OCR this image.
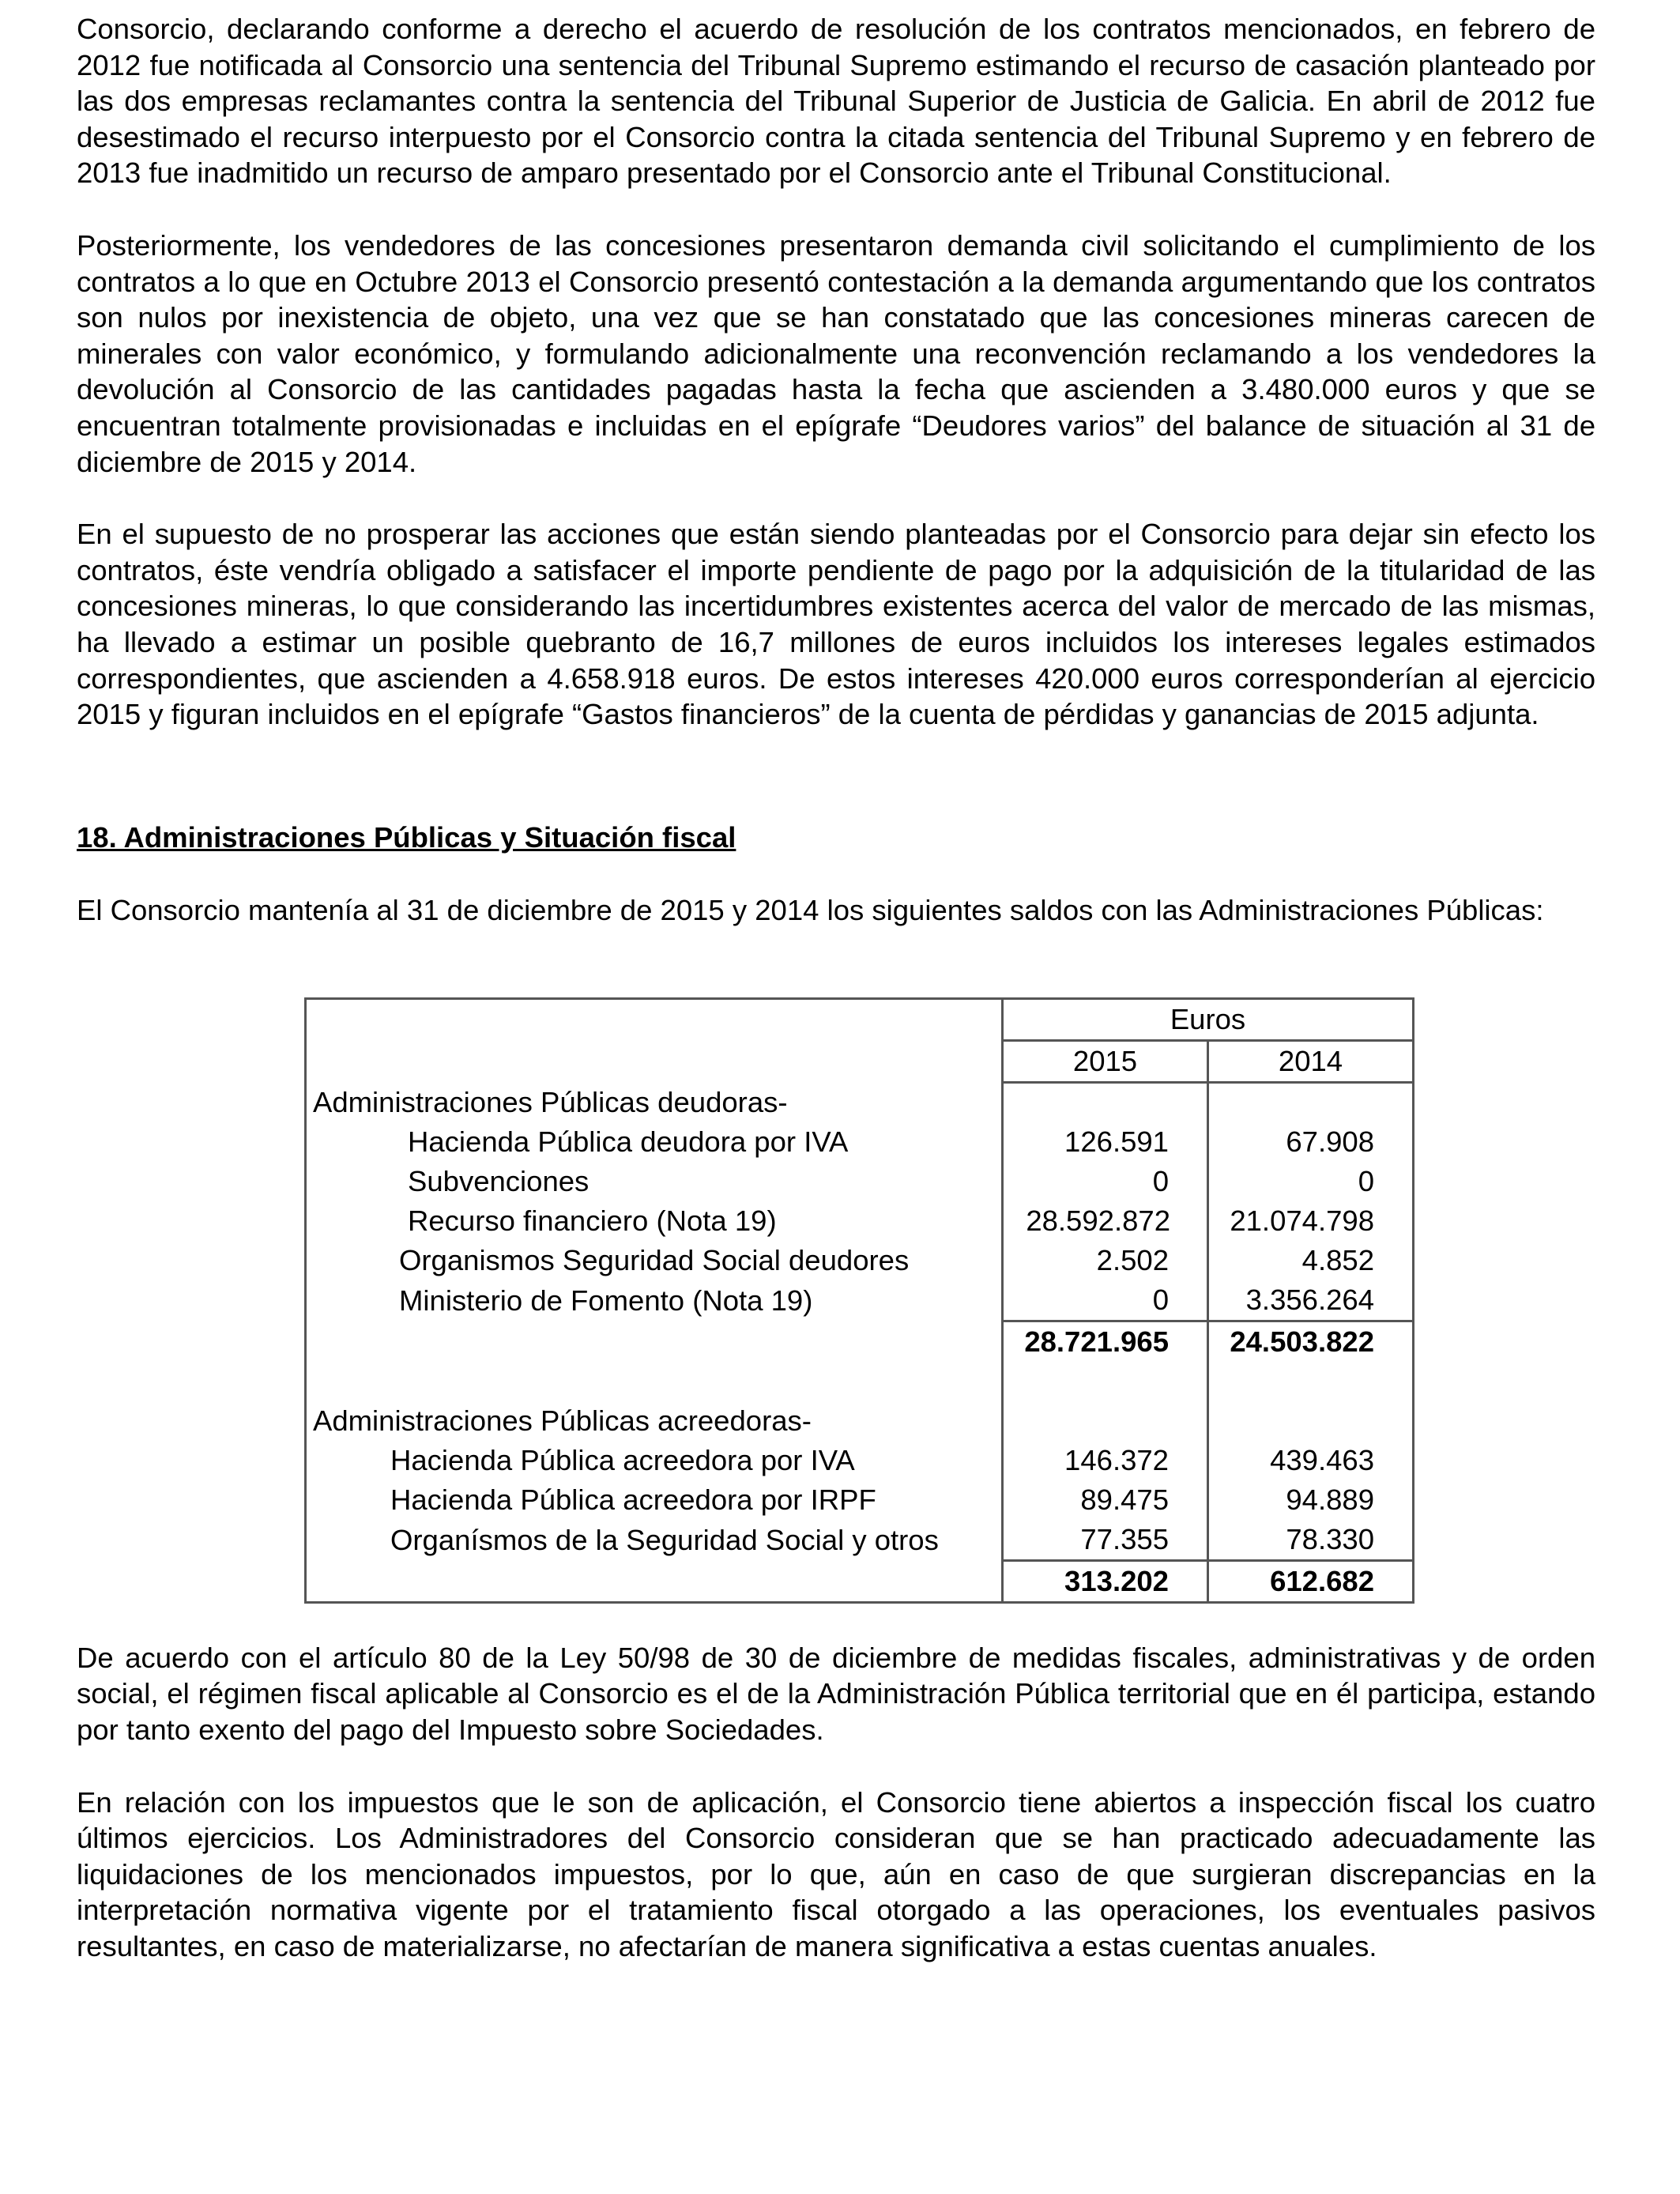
Consorcio, declarando conforme a derecho el acuerdo de resolución de los contratos mencionados, en febrero de 2012 fue notificada al Consorcio una sentencia del Tribunal Supremo estimando el recurso de casación planteado por las dos empresas reclamantes contra la sentencia del Tribunal Superior de Justicia de Galicia. En abril de 2012 fue desestimado el recurso interpuesto por el Consorcio contra la citada sentencia del Tribunal Supremo y en febrero de 2013 fue inadmitido un recurso de amparo presentado por el Consorcio ante el Tribunal Constitucional.

Posteriormente, los vendedores de las concesiones presentaron demanda civil solicitando el cumplimiento de los contratos a lo que en Octubre 2013 el Consorcio presentó contestación a la demanda argumentando que los contratos son nulos por inexistencia de objeto, una vez que se han constatado que las concesiones mineras carecen de minerales con valor económico, y formulando adicionalmente una reconvención reclamando a los vendedores la devolución al Consorcio de las cantidades pagadas hasta la fecha que ascienden a 3.480.000 euros y que se encuentran totalmente provisionadas e incluidas en el epígrafe “Deudores varios” del balance de situación al 31 de diciembre de 2015 y 2014.

En el supuesto de no prosperar las acciones que están siendo planteadas por el Consorcio para dejar sin efecto los contratos, éste vendría obligado a satisfacer el importe pendiente de pago por la adquisición de la titularidad de las concesiones mineras, lo que considerando las incertidumbres existentes acerca del valor de mercado de las mismas, ha llevado a estimar un posible quebranto de 16,7 millones de euros incluidos los intereses legales estimados correspondientes, que ascienden a 4.658.918 euros. De estos intereses 420.000 euros corresponderían al ejercicio 2015 y figuran incluidos en el epígrafe “Gastos financieros” de la cuenta de pérdidas y ganancias de 2015 adjunta.

18. Administraciones Públicas y Situación fiscal

El Consorcio mantenía al 31 de diciembre de 2015 y 2014 los siguientes saldos con las Administraciones Públicas:

	Euros	
	2015	2014
Administraciones Públicas deudoras-		
Hacienda Pública deudora por IVA	126.591	67.908
Subvenciones	0	0
Recurso financiero (Nota 19)	28.592.872	21.074.798
Organismos Seguridad Social deudores	2.502	4.852
Ministerio de Fomento (Nota 19)	0	3.356.264
	28.721.965	24.503.822

Administraciones Públicas acreedoras-		
Hacienda Pública acreedora por IVA	146.372	439.463
Hacienda Pública acreedora por IRPF	89.475	94.889
Organísmos de la Seguridad Social y otros	77.355	78.330
	313.202	612.682

De acuerdo con el artículo 80 de la Ley 50/98 de 30 de diciembre de medidas fiscales, administrativas y de orden social, el régimen fiscal aplicable al Consorcio es el de la Administración Pública territorial que en él participa, estando por tanto exento del pago del Impuesto sobre Sociedades.

En relación con los impuestos que le son de aplicación, el Consorcio tiene abiertos a inspección fiscal los cuatro últimos ejercicios. Los Administradores del Consorcio consideran que se han practicado adecuadamente las liquidaciones de los mencionados impuestos, por lo que, aún en caso de que surgieran discrepancias en la interpretación normativa vigente por el tratamiento fiscal otorgado a las operaciones, los eventuales pasivos resultantes, en caso de materializarse, no afectarían de manera significativa a estas cuentas anuales.
